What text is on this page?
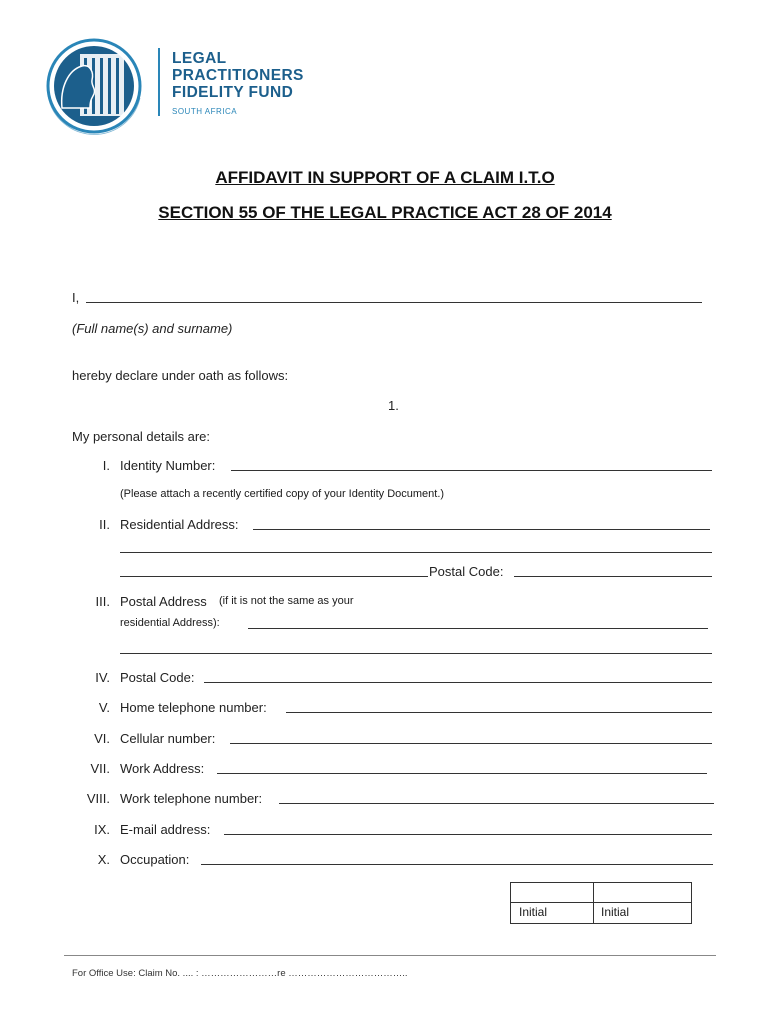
LEGAL
PRACTITIONERS
FIDELITY FUND
SOUTH AFRICA
AFFIDAVIT IN SUPPORT OF A CLAIM I.T.O
SECTION 55 OF THE LEGAL PRACTICE ACT 28 OF 2014
I,
(Full name(s) and surname)
hereby declare under oath as follows:
1.
My personal details are:
I. Identity Number:
(Please attach a recently certified copy of your Identity Document.)
II. Residential Address:
Postal Code:
III. Postal Address (if it is not the same as your
residential Address):
IV. Postal Code:
V. Home telephone number:
VI. Cellular number:
VII. Work Address:
VIII. Work telephone number:
IX. E-mail address:
X. Occupation:
Initial	Initial
For Office Use: Claim No. .... : ……………………re ………………………………..
